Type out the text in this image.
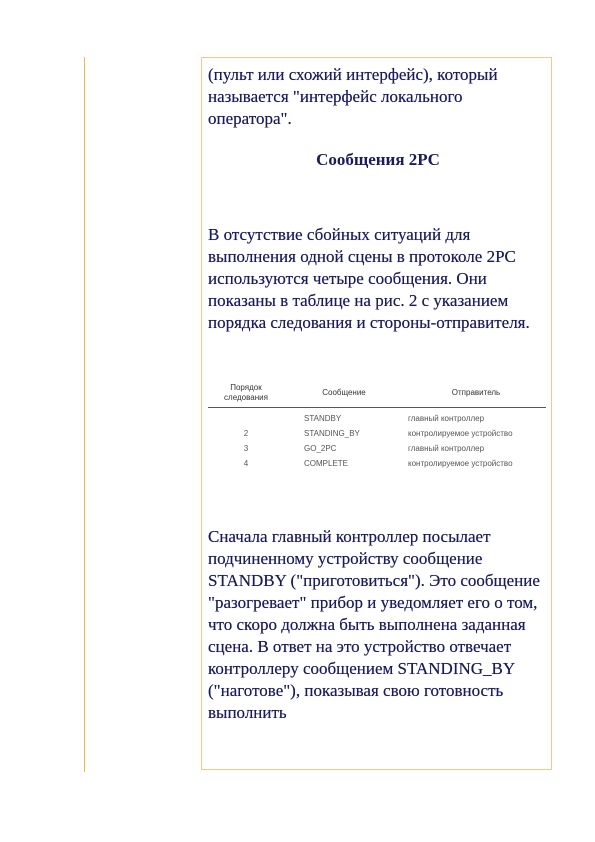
(пульт или схожий интерфейс), который называется "интерфейс локального оператора".

Сообщения 2PC

В отсутствие сбойных ситуаций для выполнения одной сцены в протоколе 2PC используются четыре сообщения. Они показаны в таблице на рис. 2 с указанием порядка следования и стороны-отправителя.

Порядок следования	Сообщение	Отправитель
	STANDBY	главный контроллер
2	STANDING_BY	контролируемое устройство
3	GO_2PC	главный контроллер
4	COMPLETE	контролируемое устройство

Сначала главный контроллер посылает подчиненному устройству сообщение STANDBY ("приготовиться"). Это сообщение "разогревает" прибор и уведомляет его о том, что скоро должна быть выполнена заданная сцена. В ответ на это устройство отвечает контроллеру сообщением STANDING_BY ("наготове"), показывая свою готовность выполнить
